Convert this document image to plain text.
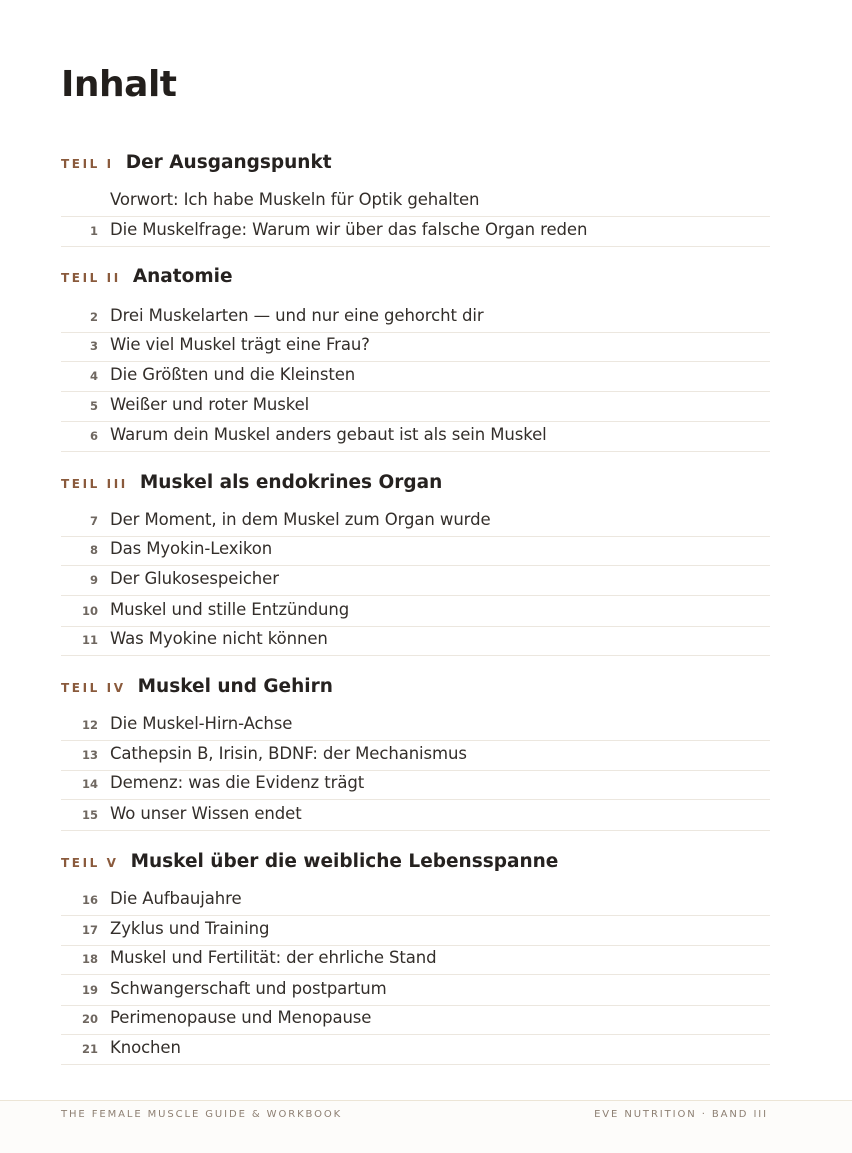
Inhalt
TEIL I Der Ausgangspunkt
Vorwort: Ich habe Muskeln für Optik gehalten
1 Die Muskelfrage: Warum wir über das falsche Organ reden
TEIL II Anatomie
2 Drei Muskelarten — und nur eine gehorcht dir
3 Wie viel Muskel trägt eine Frau?
4 Die Größten und die Kleinsten
5 Weißer und roter Muskel
6 Warum dein Muskel anders gebaut ist als sein Muskel
TEIL III Muskel als endokrines Organ
7 Der Moment, in dem Muskel zum Organ wurde
8 Das Myokin-Lexikon
9 Der Glukosespeicher
10 Muskel und stille Entzündung
11 Was Myokine nicht können
TEIL IV Muskel und Gehirn
12 Die Muskel-Hirn-Achse
13 Cathepsin B, Irisin, BDNF: der Mechanismus
14 Demenz: was die Evidenz trägt
15 Wo unser Wissen endet
TEIL V Muskel über die weibliche Lebensspanne
16 Die Aufbaujahre
17 Zyklus und Training
18 Muskel und Fertilität: der ehrliche Stand
19 Schwangerschaft und postpartum
20 Perimenopause und Menopause
21 Knochen
THE FEMALE MUSCLE GUIDE & WORKBOOK	EVE NUTRITION · BAND III
